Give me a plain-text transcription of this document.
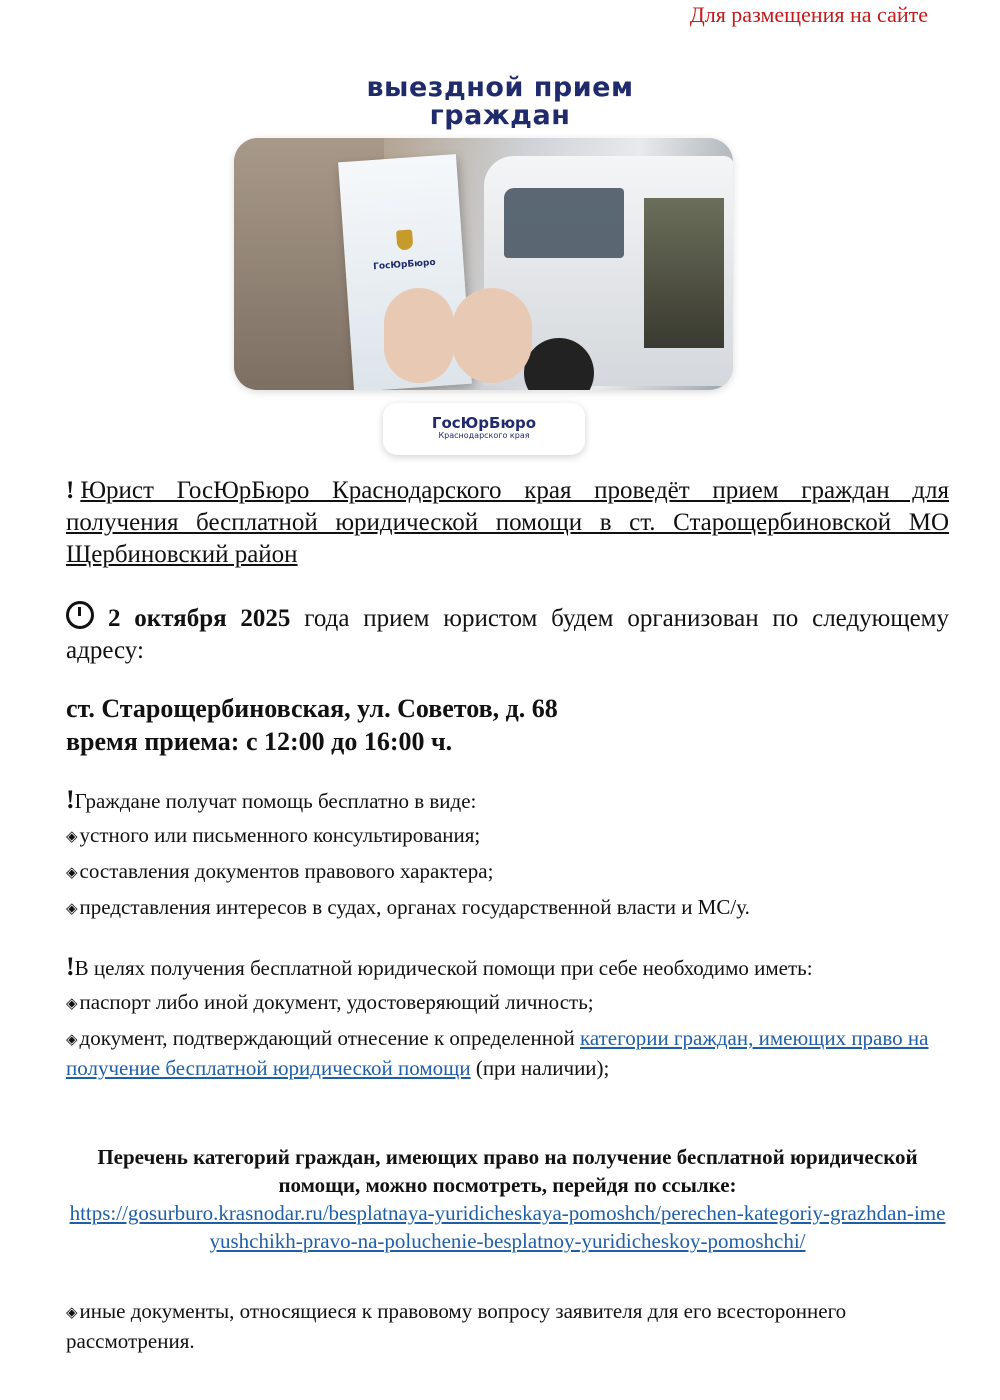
Для размещения на сайте
выездной прием
граждан
ГосЮрБюро
ГосЮрБюро
Краснодарского края
! Юрист ГосЮрБюро Краснодарского края проведёт прием граждан для получения бесплатной юридической помощи в ст. Старощербиновской МО Щербиновский район
2 октября 2025 года прием юристом будем организован по следующему адресу:
ст. Старощербиновская, ул. Советов, д. 68
время приема: с 12:00 до 16:00 ч.
!Граждане получат помощь бесплатно в виде:
◈устного или письменного консультирования;
◈составления документов правового характера;
◈представления интересов в судах, органах государственной власти и МС/у.
!В целях получения бесплатной юридической помощи при себе необходимо иметь:
◈паспорт либо иной документ, удостоверяющий личность;
◈документ, подтверждающий отнесение к определенной категории граждан, имеющих право на получение бесплатной юридической помощи (при наличии);
Перечень категорий граждан, имеющих право на получение бесплатной юридической помощи, можно посмотреть, перейдя по ссылке:
https://gosurburo.krasnodar.ru/besplatnaya-yuridicheskaya-pomoshch/perechen-kategoriy-grazhdan-imeyushchikh-pravo-na-poluchenie-besplatnoy-yuridicheskoy-pomoshchi/
◈иные документы, относящиеся к правовому вопросу заявителя для его всестороннего рассмотрения.
